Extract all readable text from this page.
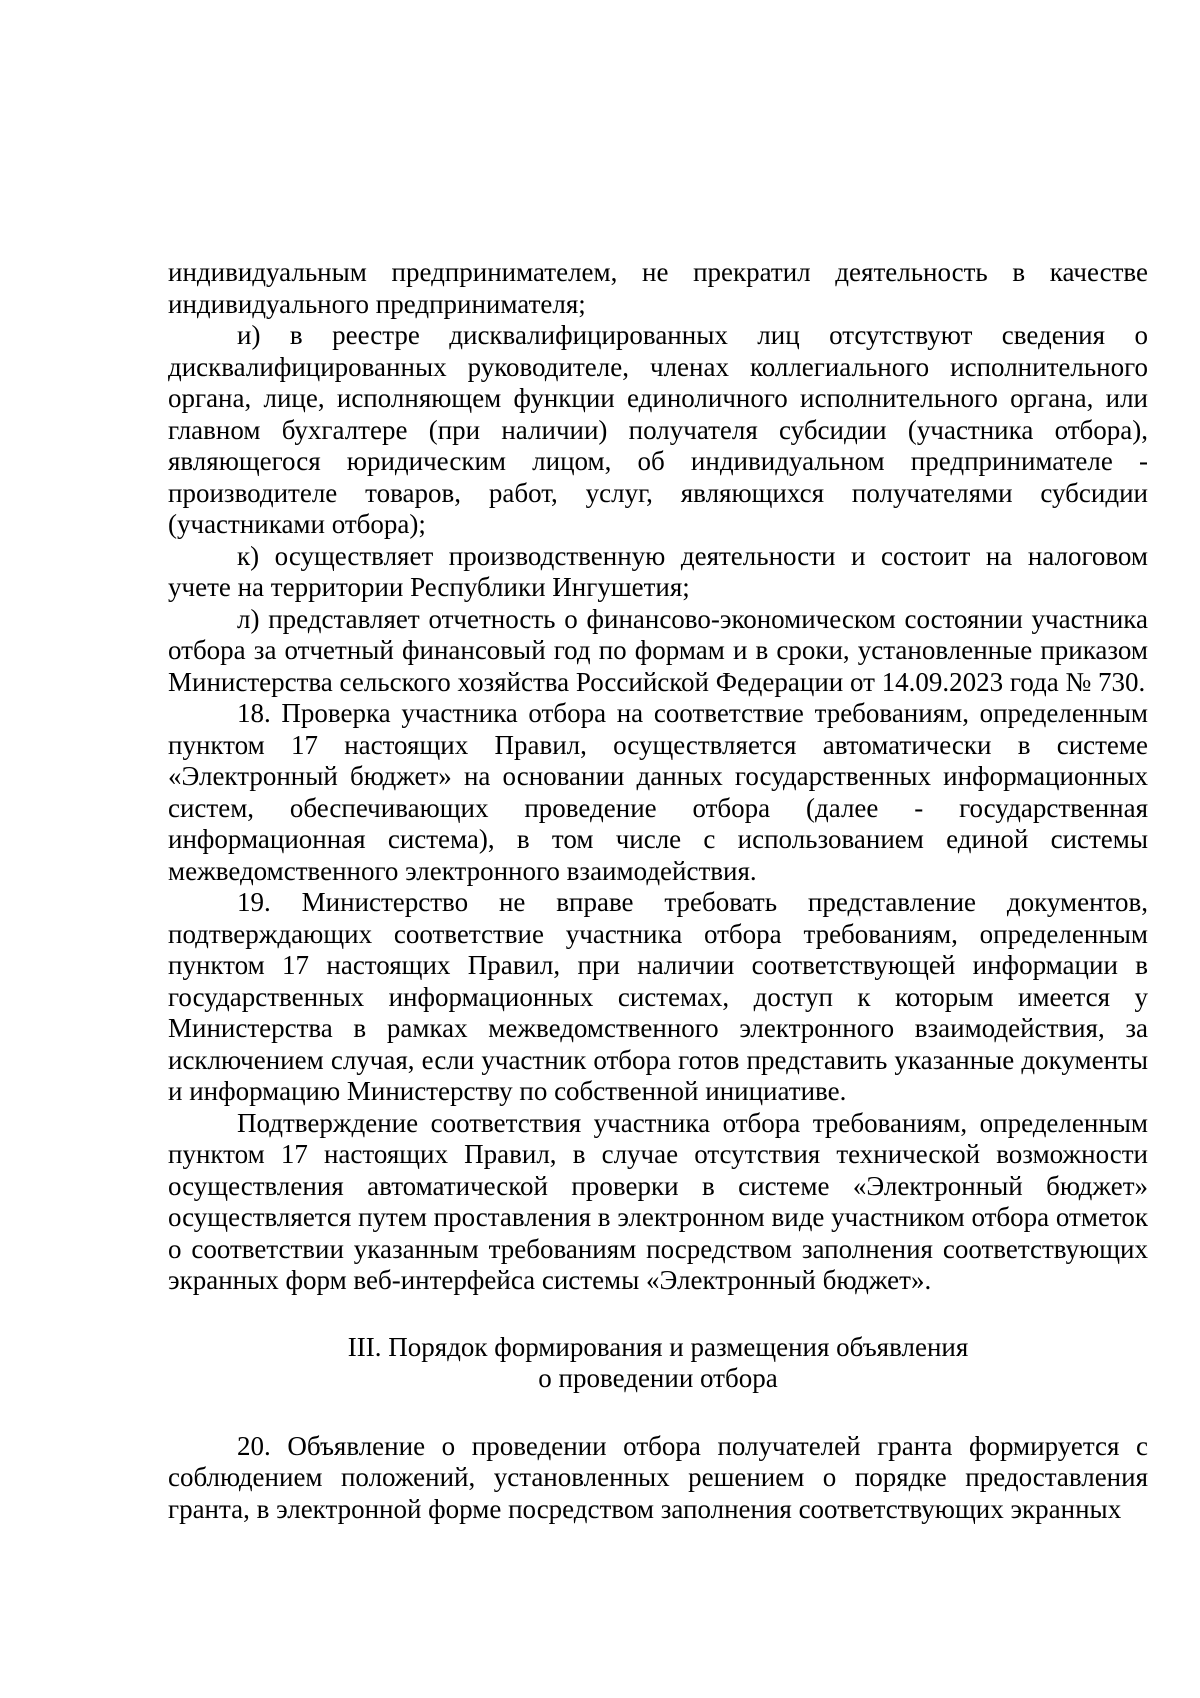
индивидуальным предпринимателем, не прекратил деятельность в качестве индивидуального предпринимателя;

и) в реестре дисквалифицированных лиц отсутствуют сведения о дисквалифицированных руководителе, членах коллегиального исполнительного органа, лице, исполняющем функции единоличного исполнительного органа, или главном бухгалтере (при наличии) получателя субсидии (участника отбора), являющегося юридическим лицом, об индивидуальном предпринимателе - производителе товаров, работ, услуг, являющихся получателями субсидии (участниками отбора);

к) осуществляет производственную деятельности и состоит на налоговом учете на территории Республики Ингушетия;

л) представляет отчетность о финансово-экономическом состоянии участника отбора за отчетный финансовый год по формам и в сроки, установленные приказом Министерства сельского хозяйства Российской Федерации от 14.09.2023 года № 730.

18. Проверка участника отбора на соответствие требованиям, определенным пунктом 17 настоящих Правил, осуществляется автоматически в системе «Электронный бюджет» на основании данных государственных информационных систем, обеспечивающих проведение отбора (далее - государственная информационная система), в том числе с использованием единой системы межведомственного электронного взаимодействия.

19. Министерство не вправе требовать представление документов, подтверждающих соответствие участника отбора требованиям, определенным пунктом 17 настоящих Правил, при наличии соответствующей информации в государственных информационных системах, доступ к которым имеется у Министерства в рамках межведомственного электронного взаимодействия, за исключением случая, если участник отбора готов представить указанные документы и информацию Министерству по собственной инициативе.

Подтверждение соответствия участника отбора требованиям, определенным пунктом 17 настоящих Правил, в случае отсутствия технической возможности осуществления автоматической проверки в системе «Электронный бюджет» осуществляется путем проставления в электронном виде участником отбора отметок о соответствии указанным требованиям посредством заполнения соответствующих экранных форм веб-интерфейса системы «Электронный бюджет».

III. Порядок формирования и размещения объявления
о проведении отбора

20. Объявление о проведении отбора получателей гранта формируется с соблюдением положений, установленных решением о порядке предоставления гранта, в электронной форме посредством заполнения соответствующих экранных
